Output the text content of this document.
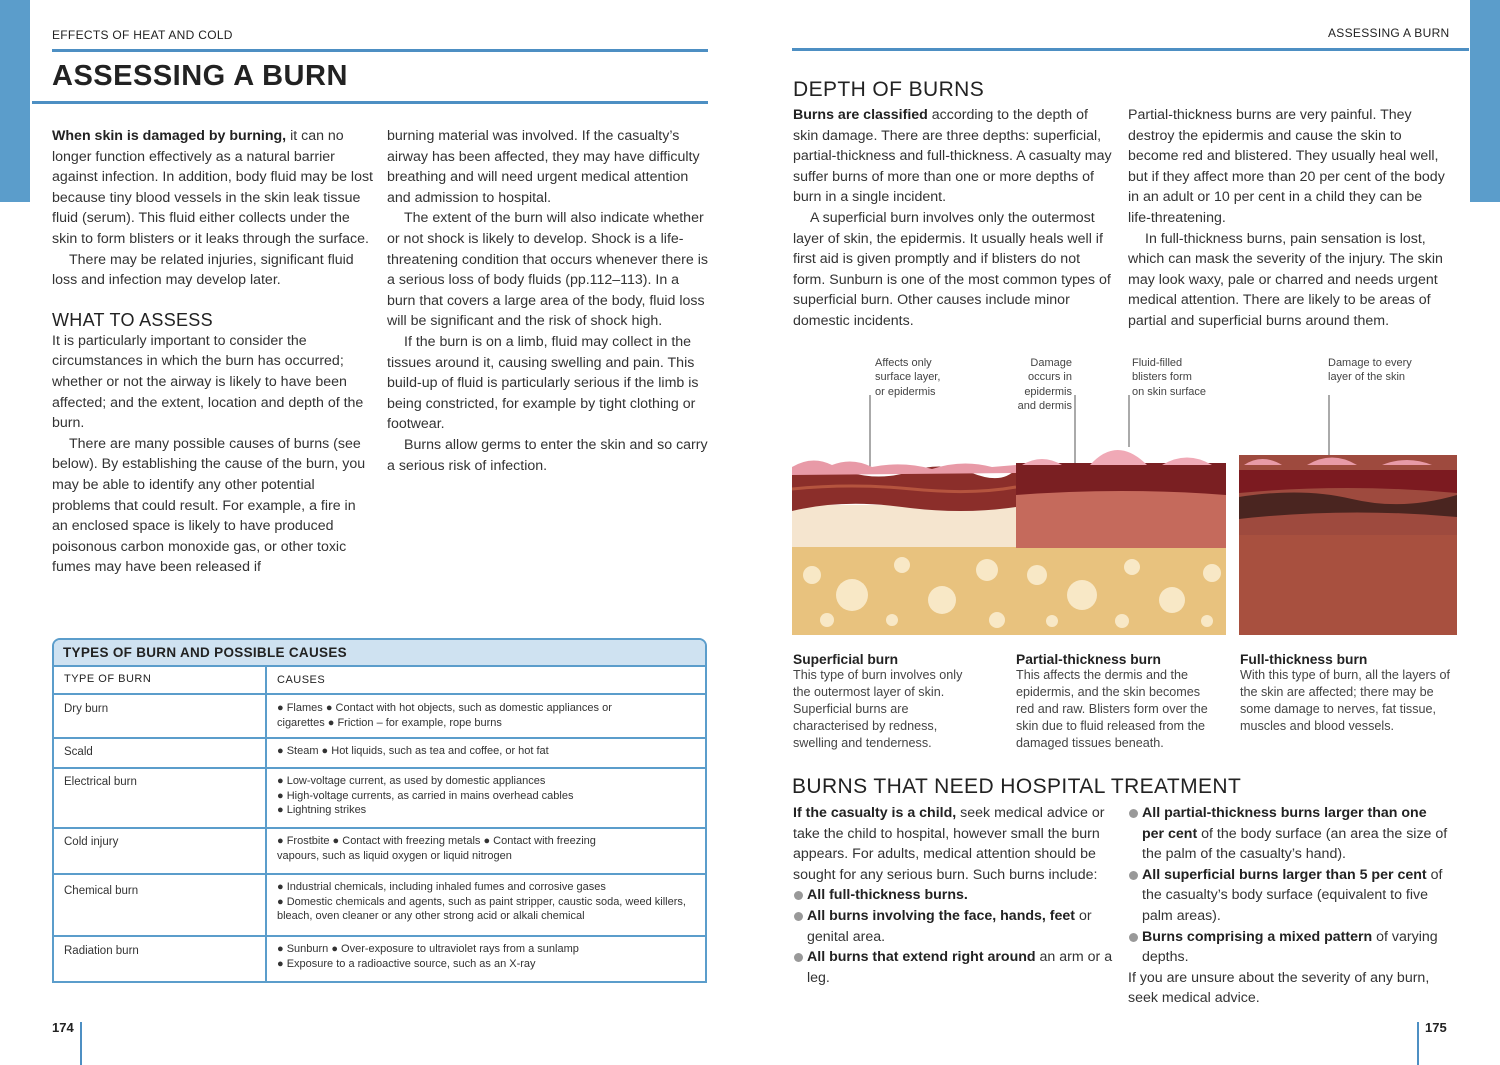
EFFECTS OF HEAT AND COLD
ASSESSING A BURN

When skin is damaged by burning, it can no longer function effectively as a natural barrier against infection. In addition, body fluid may be lost because tiny blood vessels in the skin leak tissue fluid (serum). This fluid either collects under the skin to form blisters or it leaks through the surface.

There may be related injuries, significant fluid loss and infection may develop later.

WHAT TO ASSESS

It is particularly important to consider the circumstances in which the burn has occurred; whether or not the airway is likely to have been affected; and the extent, location and depth of the burn.

There are many possible causes of burns (see below). By establishing the cause of the burn, you may be able to identify any other potential problems that could result. For example, a fire in an enclosed space is likely to have produced poisonous carbon monoxide gas, or other toxic fumes may have been released if

burning material was involved. If the casualty’s airway has been affected, they may have difficulty breathing and will need urgent medical attention and admission to hospital.

The extent of the burn will also indicate whether or not shock is likely to develop. Shock is a life-threatening condition that occurs whenever there is a serious loss of body fluids (pp.112–113). In a burn that covers a large area of the body, fluid loss will be significant and the risk of shock high.

If the burn is on a limb, fluid may collect in the tissues around it, causing swelling and pain. This build-up of fluid is particularly serious if the limb is being constricted, for example by tight clothing or footwear.

Burns allow germs to enter the skin and so carry a serious risk of infection.

TYPES OF BURN AND POSSIBLE CAUSES
TYPE OF BURN	CAUSES
Dry burn	● Flames ● Contact with hot objects, such as domestic appliances or
cigarettes ● Friction – for example, rope burns
Scald	● Steam ● Hot liquids, such as tea and coffee, or hot fat
Electrical burn	● Low-voltage current, as used by domestic appliances
● High-voltage currents, as carried in mains overhead cables
● Lightning strikes
Cold injury	● Frostbite ● Contact with freezing metals ● Contact with freezing
vapours, such as liquid oxygen or liquid nitrogen
Chemical burn	● Industrial chemicals, including inhaled fumes and corrosive gases
● Domestic chemicals and agents, such as paint stripper, caustic soda, weed killers,
bleach, oven cleaner or any other strong acid or alkali chemical
Radiation burn	● Sunburn ● Over-exposure to ultraviolet rays from a sunlamp
● Exposure to a radioactive source, such as an X-ray
174
ASSESSING A BURN
DEPTH OF BURNS

Burns are classified according to the depth of skin damage. There are three depths: superficial, partial-thickness and full-thickness. A casualty may suffer burns of more than one or more depths of burn in a single incident.

A superficial burn involves only the outermost layer of skin, the epidermis. It usually heals well if first aid is given promptly and if blisters do not form. Sunburn is one of the most common types of superficial burn. Other causes include minor domestic incidents.

Partial-thickness burns are very painful. They destroy the epidermis and cause the skin to become red and blistered. They usually heal well, but if they affect more than 20 per cent of the body in an adult or 10 per cent in a child they can be life-threatening.

In full-thickness burns, pain sensation is lost, which can mask the severity of the injury. The skin may look waxy, pale or charred and needs urgent medical attention. There are likely to be areas of partial and superficial burns around them.

Affects only
surface layer,
or epidermis
Damage
occurs in
epidermis
and dermis
Fluid-filled
blisters form
on skin surface
Damage to every
layer of the skin
Superficial burn
This type of burn involves only the outermost layer of skin. Superficial burns are characterised by redness, swelling and tenderness.
Partial-thickness burn
This affects the dermis and the epidermis, and the skin becomes red and raw. Blisters form over the skin due to fluid released from the damaged tissues beneath.
Full-thickness burn
With this type of burn, all the layers of the skin are affected; there may be some damage to nerves, fat tissue, muscles and blood vessels.
BURNS THAT NEED HOSPITAL TREATMENT

If the casualty is a child, seek medical advice or take the child to hospital, however small the burn appears. For adults, medical attention should be sought for any serious burn. Such burns include:

All full-thickness burns.
All burns involving the face, hands, feet or genital area.
All burns that extend right around an arm or a leg.
All partial-thickness burns larger than one per cent of the body surface (an area the size of the palm of the casualty’s hand).
All superficial burns larger than 5 per cent of the casualty’s body surface (equivalent to five palm areas).
Burns comprising a mixed pattern of varying depths.

If you are unsure about the severity of any burn, seek medical advice.

175
